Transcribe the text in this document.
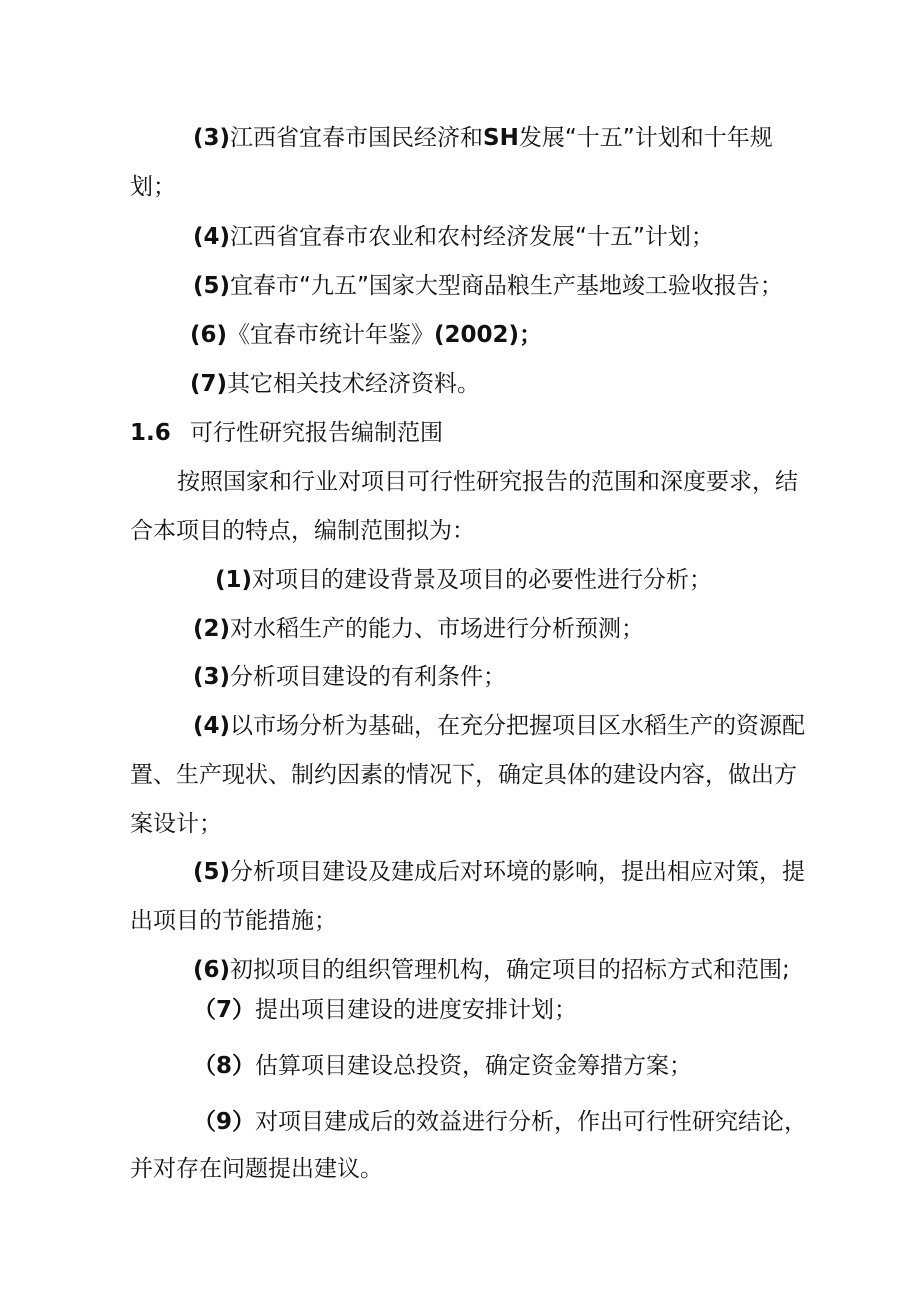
(3)江西省宜春市国民经济和SH发展“十五”计划和十年规
划；
(4)江西省宜春市农业和农村经济发展“十五”计划；
(5)宜春市“九五”国家大型商品粮生产基地竣工验收报告；
(6)《宜春市统计年鉴》(2002)；
(7)其它相关技术经济资料。
1.6 可行性研究报告编制范围
按照国家和行业对项目可行性研究报告的范围和深度要求，结
合本项目的特点，编制范围拟为：
(1)对项目的建设背景及项目的必要性进行分析；
(2)对水稻生产的能力、市场进行分析预测；
(3)分析项目建设的有利条件；
(4)以市场分析为基础，在充分把握项目区水稻生产的资源配
置、生产现状、制约因素的情况下，确定具体的建设内容，做出方
案设计；
(5)分析项目建设及建成后对环境的影响，提出相应对策，提
出项目的节能措施；
(6)初拟项目的组织管理机构，确定项目的招标方式和范围;
（7）提出项目建设的进度安排计划；
（8）估算项目建设总投资，确定资金筹措方案；
（9）对项目建成后的效益进行分析，作出可行性研究结论，
并对存在问题提出建议。
